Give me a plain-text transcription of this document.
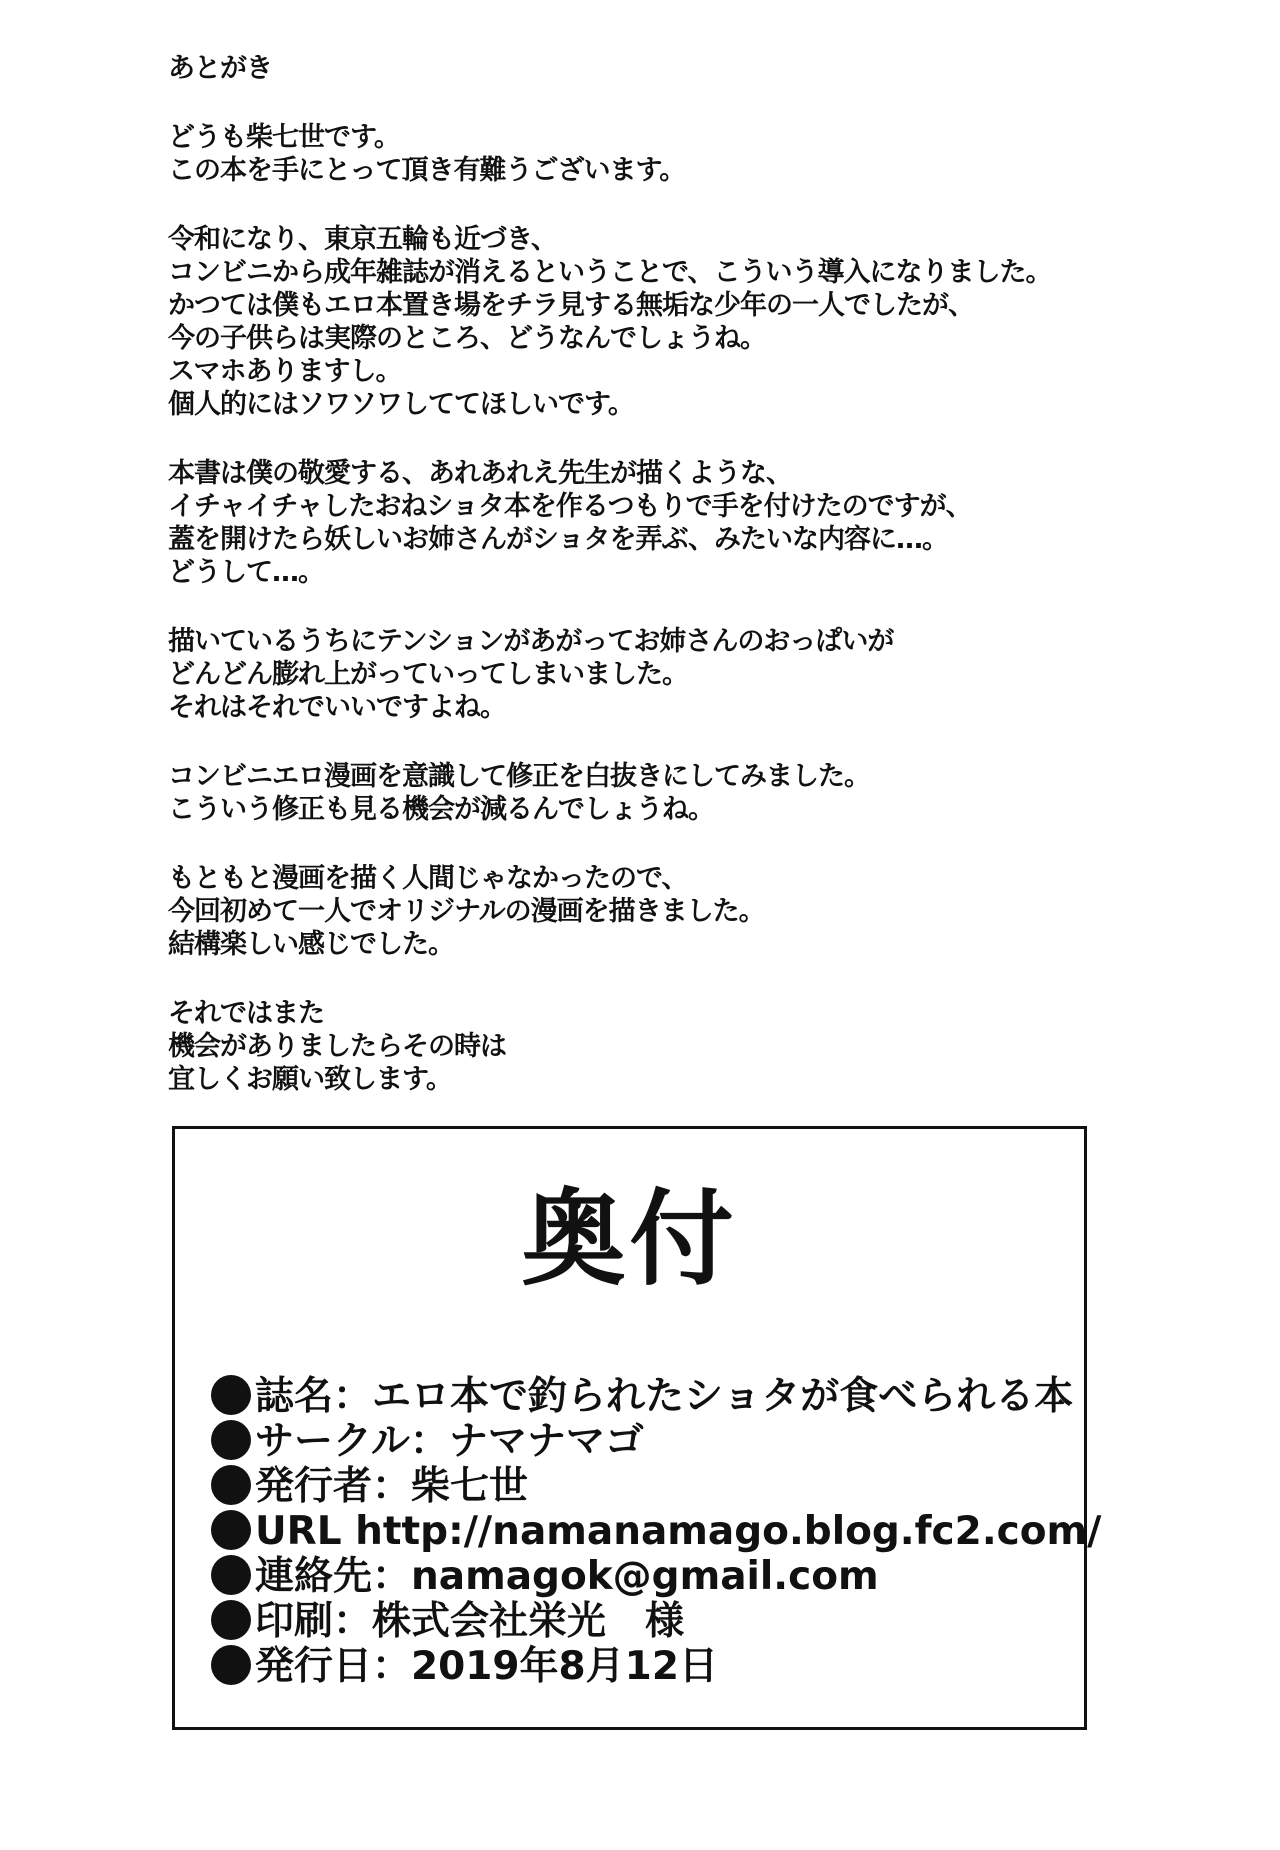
あとがき
どうも柴七世です。
この本を手にとって頂き有難うございます。
令和になり、東京五輪も近づき、
コンビニから成年雑誌が消えるということで、こういう導入になりました。
かつては僕もエロ本置き場をチラ見する無垢な少年の一人でしたが、
今の子供らは実際のところ、どうなんでしょうね。
スマホありますし。
個人的にはソワソワしててほしいです。
本書は僕の敬愛する、あれあれえ先生が描くような、
イチャイチャしたおねショタ本を作るつもりで手を付けたのですが、
蓋を開けたら妖しいお姉さんがショタを弄ぶ、みたいな内容に…。
どうして…。
描いているうちにテンションがあがってお姉さんのおっぱいが
どんどん膨れ上がっていってしまいました。
それはそれでいいですよね。
コンビニエロ漫画を意識して修正を白抜きにしてみました。
こういう修正も見る機会が減るんでしょうね。
もともと漫画を描く人間じゃなかったので、
今回初めて一人でオリジナルの漫画を描きました。
結構楽しい感じでした。
それではまた
機会がありましたらその時は
宜しくお願い致します。
奥付
誌名：エロ本で釣られたショタが食べられる本
サークル：ナマナマゴ
発行者：柴七世
URL http://namanamago.blog.fc2.com/
連絡先：namagok@gmail.com
印刷：株式会社栄光　様
発行日：2019年8月12日
